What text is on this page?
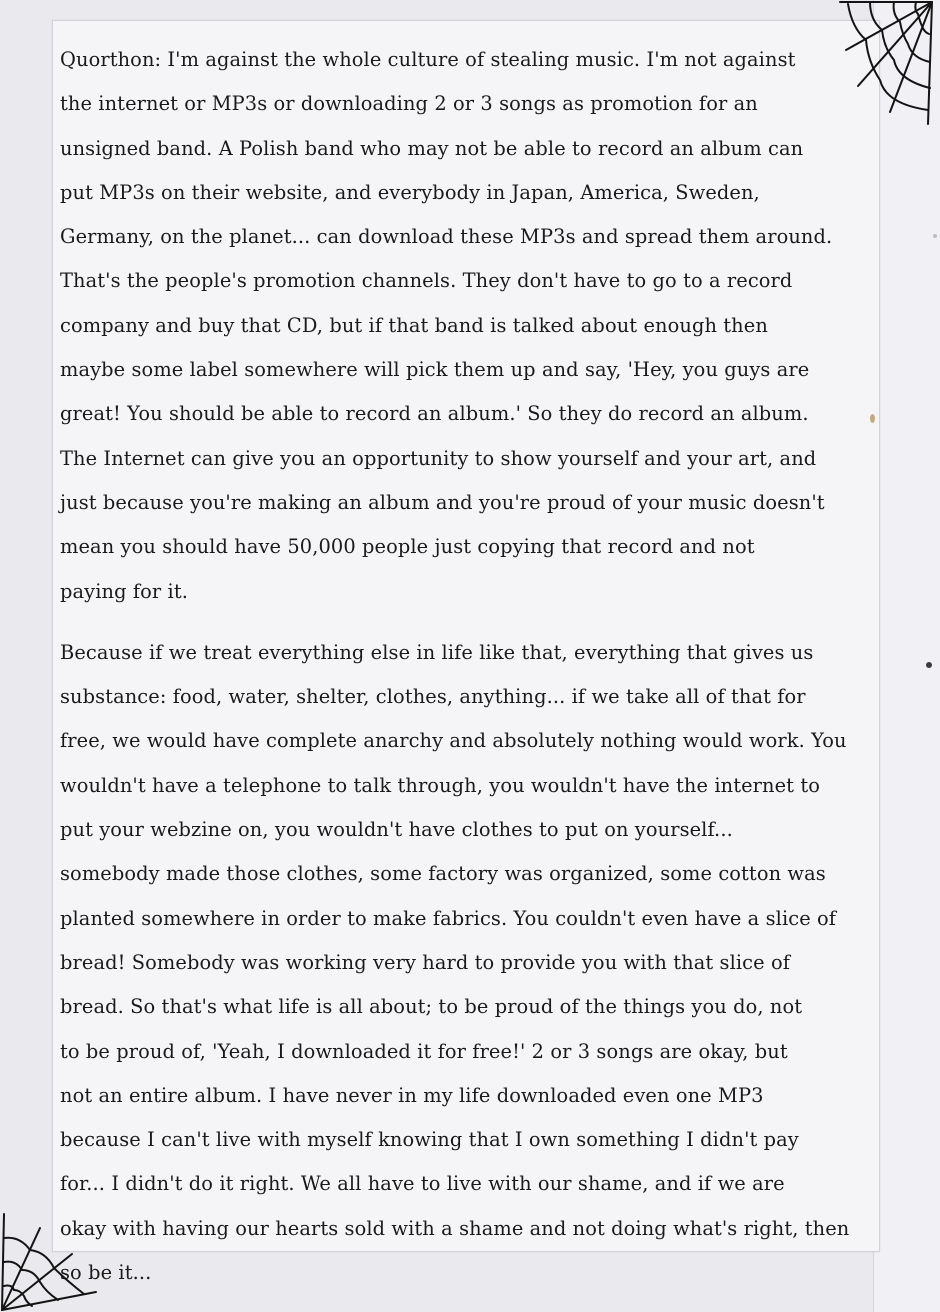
Quorthon: I'm against the whole culture of stealing music. I'm not against
the internet or MP3s or downloading 2 or 3 songs as promotion for an
unsigned band. A Polish band who may not be able to record an album can
put MP3s on their website, and everybody in Japan, America, Sweden,
Germany, on the planet... can download these MP3s and spread them around.
That's the people's promotion channels. They don't have to go to a record
company and buy that CD, but if that band is talked about enough then
maybe some label somewhere will pick them up and say, 'Hey, you guys are
great! You should be able to record an album.' So they do record an album.
The Internet can give you an opportunity to show yourself and your art, and
just because you're making an album and you're proud of your music doesn't
mean you should have 50,000 people just copying that record and not
paying for it.

Because if we treat everything else in life like that, everything that gives us
substance: food, water, shelter, clothes, anything... if we take all of that for
free, we would have complete anarchy and absolutely nothing would work. You
wouldn't have a telephone to talk through, you wouldn't have the internet to
put your webzine on, you wouldn't have clothes to put on yourself...
somebody made those clothes, some factory was organized, some cotton was
planted somewhere in order to make fabrics. You couldn't even have a slice of
bread! Somebody was working very hard to provide you with that slice of
bread. So that's what life is all about; to be proud of the things you do, not
to be proud of, 'Yeah, I downloaded it for free!' 2 or 3 songs are okay, but
not an entire album. I have never in my life downloaded even one MP3
because I can't live with myself knowing that I own something I didn't pay
for... I didn't do it right. We all have to live with our shame, and if we are
okay with having our hearts sold with a shame and not doing what's right, then
so be it...
